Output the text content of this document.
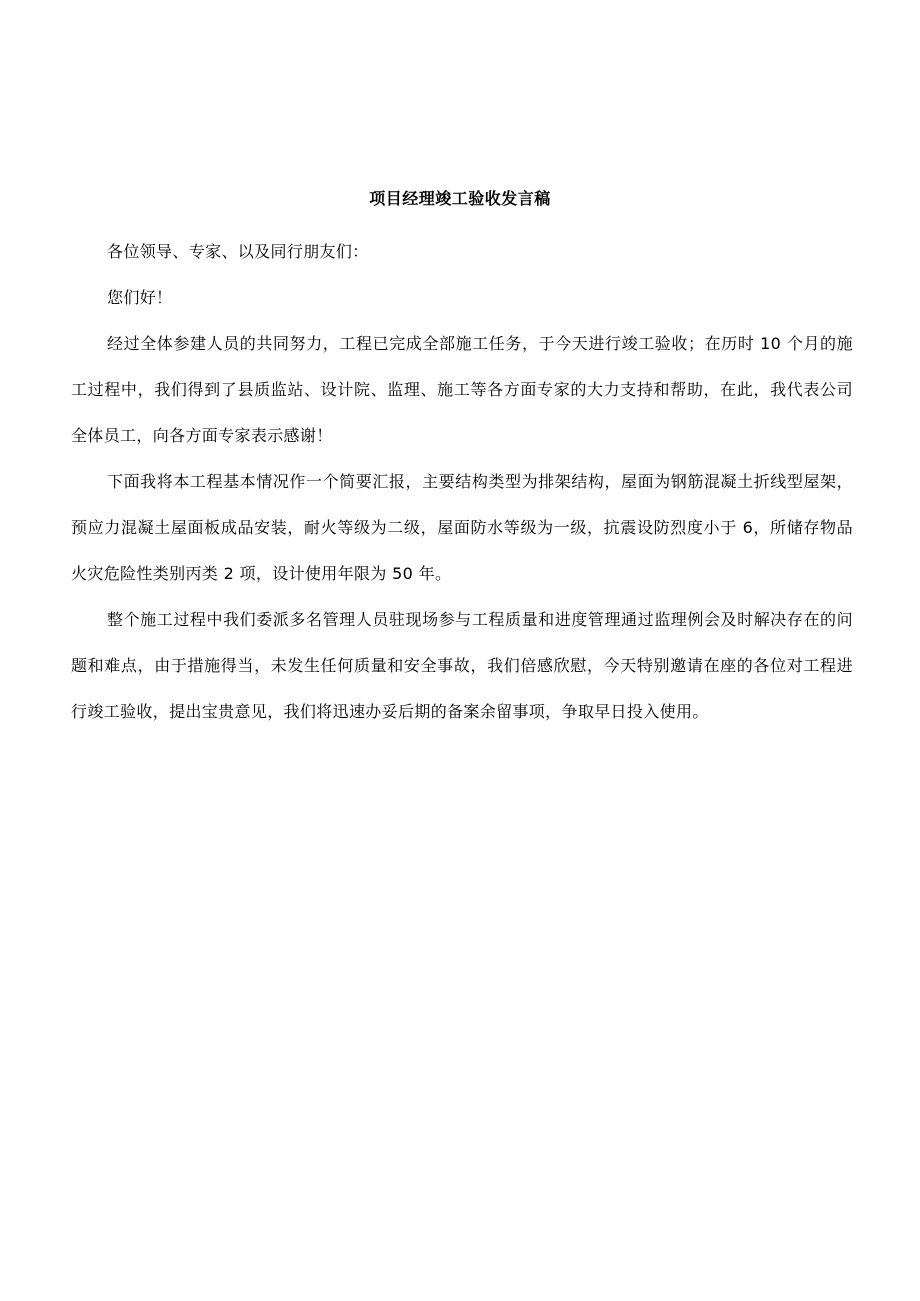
项目经理竣工验收发言稿

各位领导、专家、以及同行朋友们：

您们好！

经过全体参建人员的共同努力，工程已完成全部施工任务，于今天进行竣工验收；在历时 10 个月的施工过程中，我们得到了县质监站、设计院、监理、施工等各方面专家的大力支持和帮助，在此，我代表公司全体员工，向各方面专家表示感谢！

下面我将本工程基本情况作一个简要汇报，主要结构类型为排架结构，屋面为钢筋混凝土折线型屋架，预应力混凝土屋面板成品安装，耐火等级为二级，屋面防水等级为一级，抗震设防烈度小于 6，所储存物品火灾危险性类别丙类 2 项，设计使用年限为 50 年。

整个施工过程中我们委派多名管理人员驻现场参与工程质量和进度管理通过监理例会及时解决存在的问题和难点，由于措施得当，未发生任何质量和安全事故，我们倍感欣慰，今天特别邀请在座的各位对工程进行竣工验收，提出宝贵意见，我们将迅速办妥后期的备案余留事项，争取早日投入使用。
